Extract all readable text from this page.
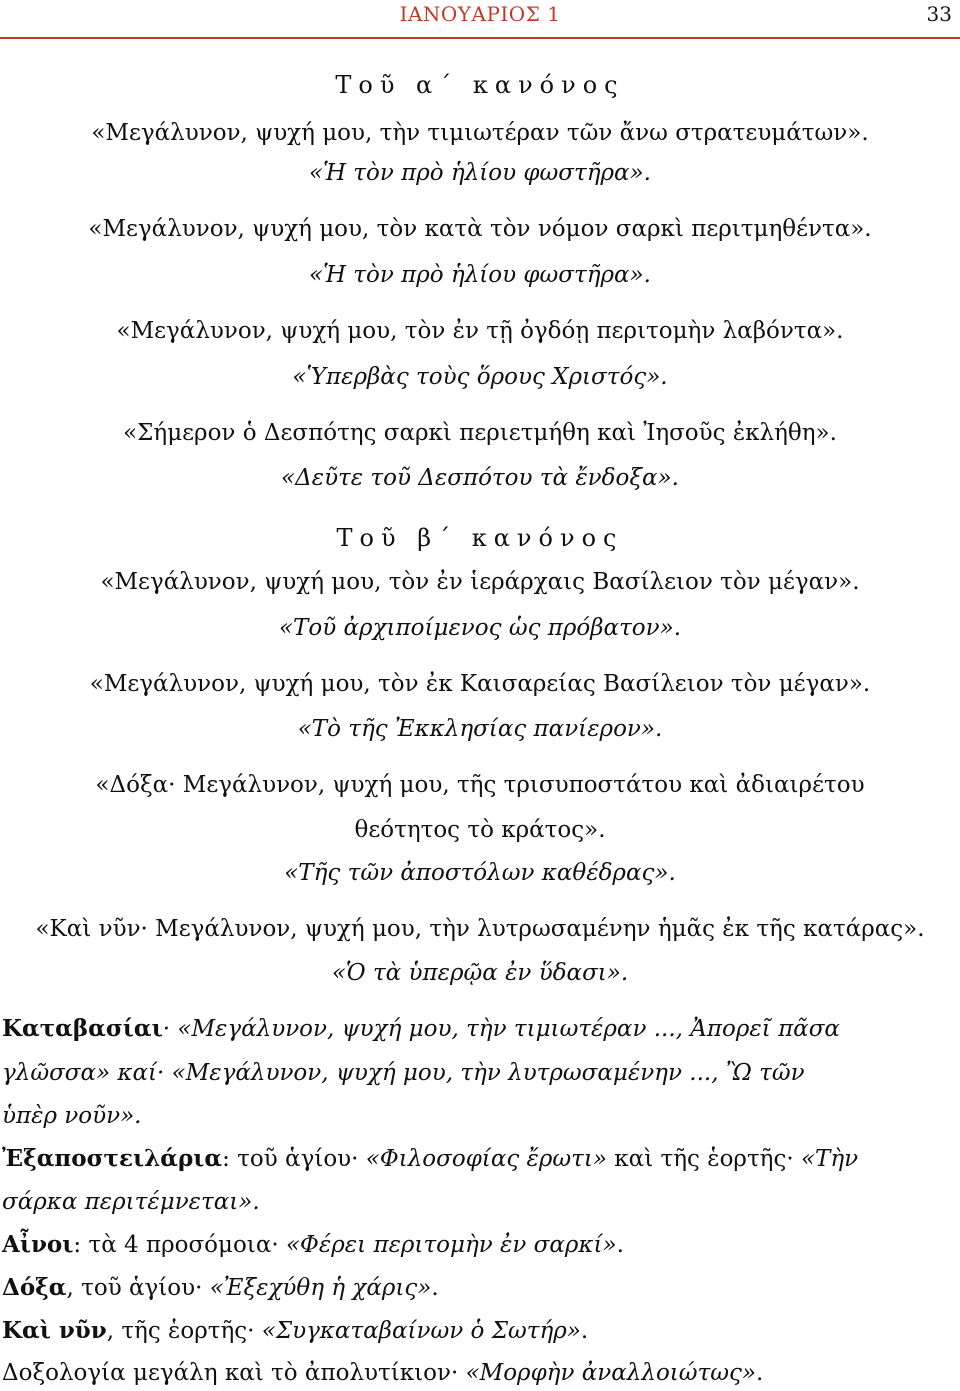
ΙΑΝΟΥΑΡΙΟΣ 1	33
Τοῦ α΄ κανόνος
«Μεγάλυνον, ψυχή μου, τὴν τιμιωτέραν τῶν ἄνω στρατευμάτων».
«Ἡ τὸν πρὸ ἡλίου φωστῆρα».
«Μεγάλυνον, ψυχή μου, τὸν κατὰ τὸν νόμον σαρκὶ περιτμηθέντα».
«Ἡ τὸν πρὸ ἡλίου φωστῆρα».
«Μεγάλυνον, ψυχή μου, τὸν ἐν τῇ ὀγδόῃ περιτομὴν λαβόντα».
«Ὑπερβὰς τοὺς ὅρους Χριστός».
«Σήμερον ὁ Δεσπότης σαρκὶ περιετμήθη καὶ Ἰησοῦς ἐκλήθη».
«Δεῦτε τοῦ Δεσπότου τὰ ἔνδοξα».
Τοῦ β΄ κανόνος
«Μεγάλυνον, ψυχή μου, τὸν ἐν ἱεράρχαις Βασίλειον τὸν μέγαν».
«Τοῦ ἀρχιποίμενος ὡς πρόβατον».
«Μεγάλυνον, ψυχή μου, τὸν ἐκ Καισαρείας Βασίλειον τὸν μέγαν».
«Τὸ τῆς Ἐκκλησίας πανίερον».
«Δόξα· Μεγάλυνον, ψυχή μου, τῆς τρισυποστάτου καὶ ἀδιαιρέτου
θεότητος τὸ κράτος».
«Τῆς τῶν ἀποστόλων καθέδρας».
«Καὶ νῦν· Μεγάλυνον, ψυχή μου, τὴν λυτρωσαμένην ἡμᾶς ἐκ τῆς κατάρας».
«Ὁ τὰ ὑπερῷα ἐν ὕδασι».
Καταβασίαι· «Μεγάλυνον, ψυχή μου, τὴν τιμιωτέραν ..., Ἀπορεῖ πᾶσα
γλῶσσα» καί· «Μεγάλυνον, ψυχή μου, τὴν λυτρωσαμένην ..., Ὢ τῶν
ὑπὲρ νοῦν».
Ἐξαποστειλάρια: τοῦ ἁγίου· «Φιλοσοφίας ἔρωτι» καὶ τῆς ἑορτῆς· «Τὴν
σάρκα περιτέμνεται».
Αἶνοι: τὰ 4 προσόμοια· «Φέρει περιτομὴν ἐν σαρκί».
Δόξα, τοῦ ἁγίου· «Ἐξεχύθη ἡ χάρις».
Καὶ νῦν, τῆς ἑορτῆς· «Συγκαταβαίνων ὁ Σωτήρ».
Δοξολογία μεγάλη καὶ τὸ ἀπολυτίκιον· «Μορφὴν ἀναλλοιώτως».
